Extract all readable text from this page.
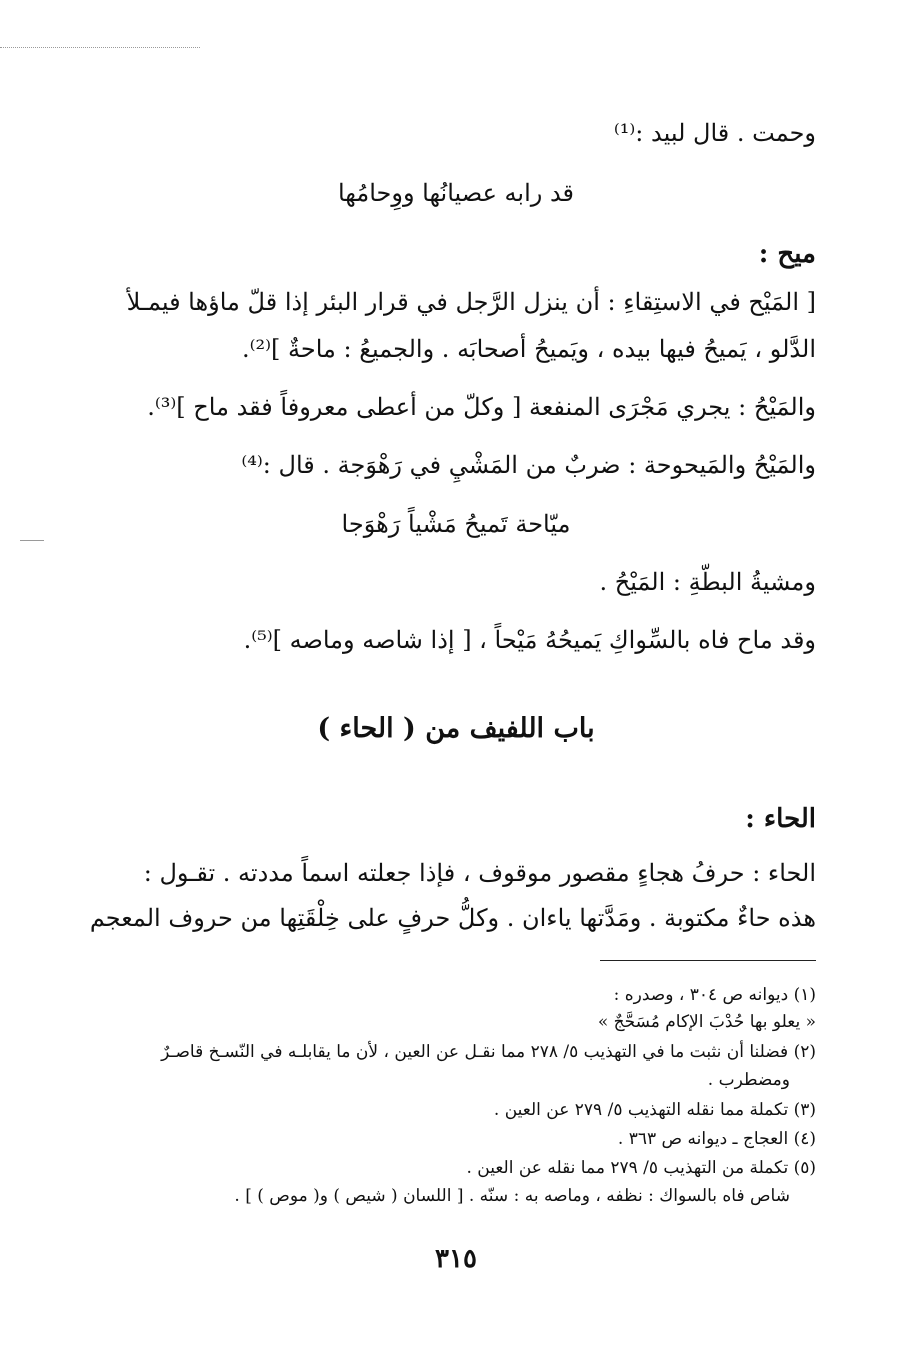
وحمت . قال لبيد :⁽¹⁾
قد رابه عصيانُها ووِحامُها
ميح :
[ المَيْح في الاستِقاءِ : أن ينزل الرَّجل في قرار البئر إذا قلّ ماؤها فيمـلأ
الدَّلو ، يَميحُ فيها بيده ، ويَميحُ أصحابَه . والجميعُ : ماحةٌ ]⁽²⁾.
والمَيْحُ : يجري مَجْرَى المنفعة [ وكلّ من أعطى معروفاً فقد ماح ]⁽³⁾.
والمَيْحُ والمَيحوحة : ضربٌ من المَشْيِ في رَهْوَجة . قال :⁽⁴⁾
ميّاحة تَميحُ مَشْياً رَهْوَجا
ومشيةُ البطّةِ : المَيْحُ .
وقد ماح فاه بالسِّواكِ يَميحُهُ مَيْحاً ، [ إذا شاصه وماصه ]⁽⁵⁾.
باب اللفيف من ( الحاء )
الحاء :
الحاء : حرفُ هجاءٍ مقصور موقوف ، فإذا جعلته اسماً مددته . تقـول :
هذه حاءٌ مكتوبة . ومَدَّتها ياءان . وكلُّ حرفٍ على خِلْقَتِها من حروف المعجم
(١) ديوانه ص ٣٠٤ ، وصدره :
« يعلو بها حُدْبَ الإكام مُسَحَّجٌ »
(٢) فضلنا أن نثبت ما في التهذيب ٥/ ٢٧٨ مما نقـل عن العين ، لأن ما يقابلـه في النّسـخ قاصـرٌ
ومضطرب .
(٣) تكملة مما نقله التهذيب ٥/ ٢٧٩ عن العين .
(٤) العجاج ـ ديوانه ص ٣٦٣ .
(٥) تكملة من التهذيب ٥/ ٢٧٩ مما نقله عن العين .
شاص فاه بالسواك : نظفه ، وماصه به : سنّه . [ اللسان ( شيص ) و( موص ) ] .
٣١٥
